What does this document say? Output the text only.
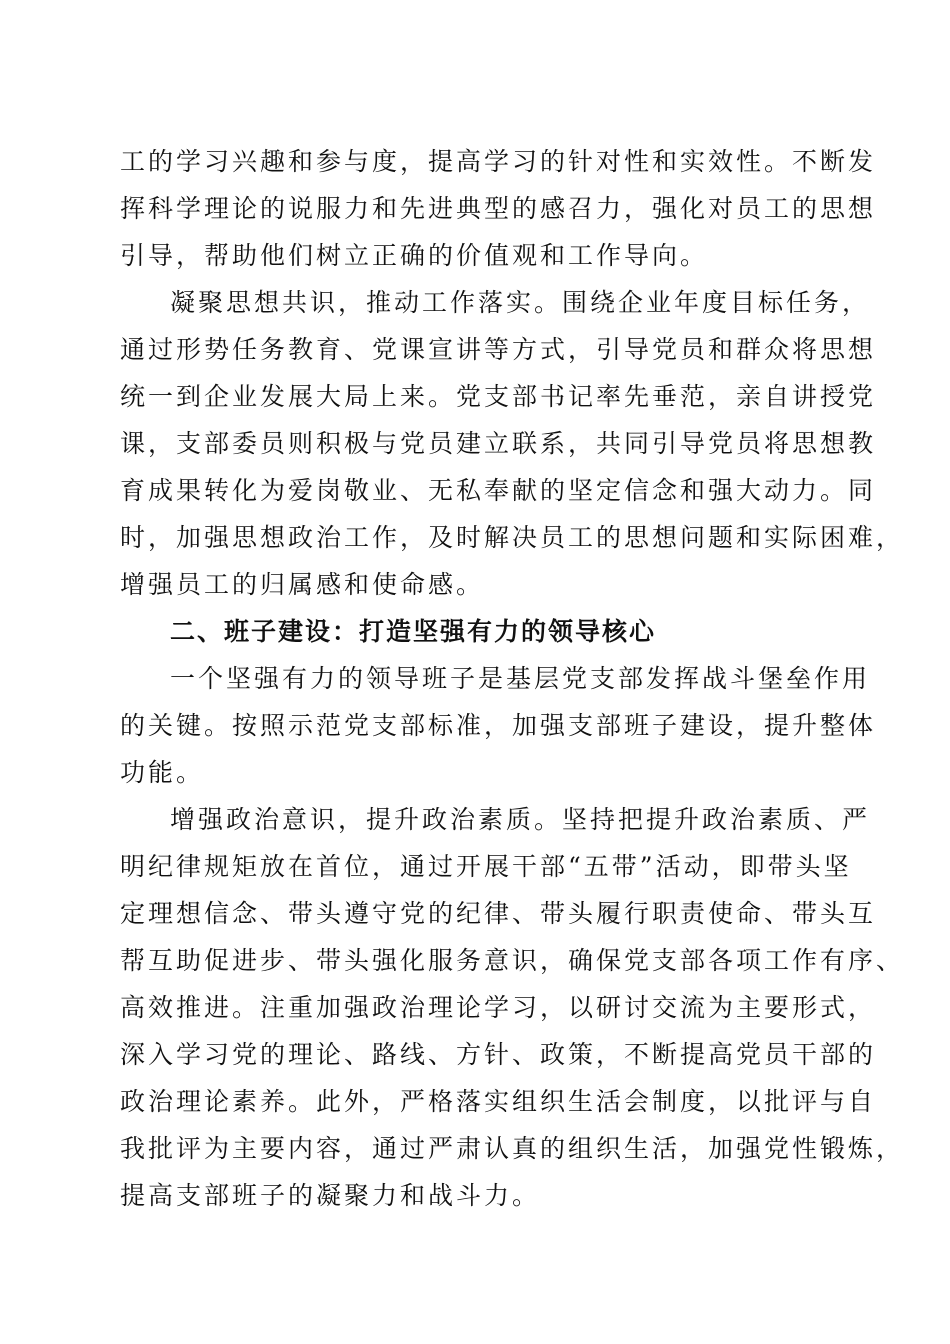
工的学习兴趣和参与度，提高学习的针对性和实效性。不断发
挥科学理论的说服力和先进典型的感召力，强化对员工的思想
引导，帮助他们树立正确的价值观和工作导向。
凝聚思想共识，推动工作落实。围绕企业年度目标任务，
通过形势任务教育、党课宣讲等方式，引导党员和群众将思想
统一到企业发展大局上来。党支部书记率先垂范，亲自讲授党
课，支部委员则积极与党员建立联系，共同引导党员将思想教
育成果转化为爱岗敬业、无私奉献的坚定信念和强大动力。同
时，加强思想政治工作，及时解决员工的思想问题和实际困难，
增强员工的归属感和使命感。
二、班子建设：打造坚强有力的领导核心
一个坚强有力的领导班子是基层党支部发挥战斗堡垒作用
的关键。按照示范党支部标准，加强支部班子建设，提升整体
功能。
增强政治意识，提升政治素质。坚持把提升政治素质、严
明纪律规矩放在首位，通过开展干部“五带”活动，即带头坚
定理想信念、带头遵守党的纪律、带头履行职责使命、带头互
帮互助促进步、带头强化服务意识，确保党支部各项工作有序、
高效推进。注重加强政治理论学习，以研讨交流为主要形式，
深入学习党的理论、路线、方针、政策，不断提高党员干部的
政治理论素养。此外，严格落实组织生活会制度，以批评与自
我批评为主要内容，通过严肃认真的组织生活，加强党性锻炼，
提高支部班子的凝聚力和战斗力。
